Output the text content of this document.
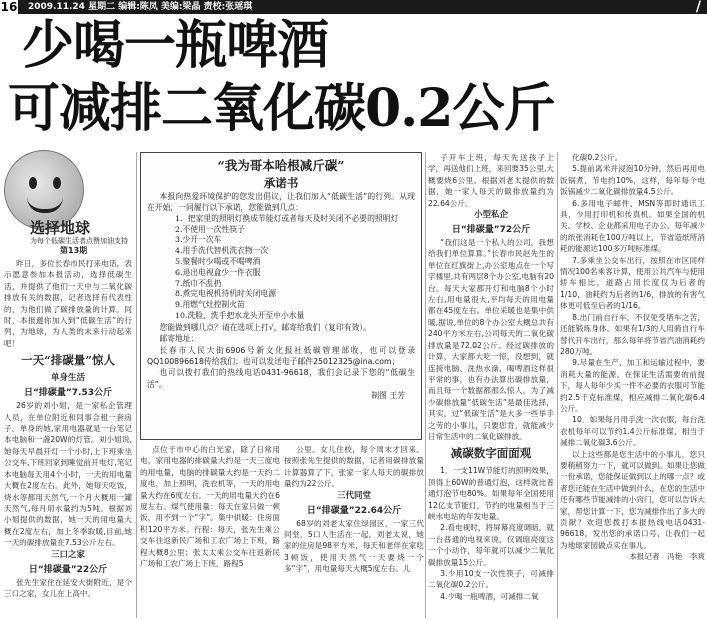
16 2009.11.24 星期二 编辑:陈凤 美编:梁晶 责校:张瑶琪	/
少喝一瓶啤酒
可减排二氧化碳0.2公斤
选择地球
为每个低碳生活者点赞加油支持
第13期

昨日，多位长春市民打来电话，表示愿意参加本报活动，选择低碳生活，并提供了他们一天中与二氧化碳排放有关的数据，记者选择有代表性的，为他们做了碳排放量的计算。同时，本报邀你加入到“低碳生活”的行列，为地球，为人类的未来行动起来吧！

一天“排碳量”惊人
单身生活
日“排碳量”7.53公斤

26岁的刘小姐，是一家私企管理人员，在单位附近和同事合租一套房子。单身的她,家用电器就是一台笔记本电脑和一盏20W的灯管。刘小姐说,她每天早晨开灯一个小时,上下班乘坐公交车,下班回家到睡觉前开电灯,笔记本电脑每天用4个小时，一天的用电量大概在2度左右。此外，她每天吃饭，烧水等都用天然气,一个月大概用一罐天然气,每月用水量约为5吨。根据刘小姐提供的数据，她一天的用电量大概在2度左右，加上冬季取暖,目前,她一天的碳排放量在7.53公斤左右。

三口之家
日“排碳量”22公斤

张先生家住在延安大街附近，是个三口之家，女儿在上高中。

“我为哥本哈根减斤碳”
承诺书
本报向热爱环境保护的您发出倡议，让我们加入“低碳生活”的行列。从现在开始，一同履行以下承诺，您能做到几点：
1．把家里的照明灯换成节能灯或者每天及时关闭不必要的照明灯
2.不使用一次性筷子
3.少开一次车
4.用手洗代替机洗衣物一次
5.聚餐时少喝或不喝啤酒
6.退出电视盒少一件衣服
7.纸巾不乱扔
8.煮完电视机待机时关闭电源
9.用燃气灶控制火苗
10.洗脸、洗手把水龙头开至中小水量
您能做到哪几点？请在选项上打√，邮寄给我们（复印有效）。
邮寄地址：
长春市人民大街6906号新文化报社低碳管理部收，也可以登录QQ100896618传给我们；也可以发送电子邮件25012325@ina.com；
也可以拨打我们的热线电话0431-96618，我们会记录下您的“低碳生活”。
制图 王芳

点位于市中心的白光家，除了日常用电，家用电器的排碳量大约是一天三度电的用电量，电脑的排碳量大约是一天约二度电，加上照明，洗衣机等，一天的用电量大约在6度左右。一天的用电量大约在6度左右。煤气使用量：每天在家只做一顿饭，用不到一个“字”。集中供暖：住房面积120平方米。行程：每天，张先生乘公交车往返新民广场和工农广场上下班，路程大概8公里；张太太乘公交车往返新民广场和工农广场上下班，路程5

公里。女儿住校，每个周末才回来。按照张先生提供的数据，记者用碳排放量计算器算了下，张家一家人每天的碳排放量约为22公斤。

三代同堂
日“排碳量”22.64公斤

68岁的刘老太家住绿园区，一家三代同堂，5口人生活在一起。刘老太说，她家的住房是98平方米，每天和老伴在家吃3顿饭，使用天然气一天要烧一个多“字”，用电量每天大概5度左右。儿

子开车上班，每天先送孩子上学，再送他们上班，来回要35公里,大概要烧6公里。根据刘老太提供的数据，她一家人每天的碳排放量约为22.64公斤。

小型私企
日“排碳量”72公斤

“我们这是一个私人的公司，我想给我们单位算算。”长春市民赵先生的单位在红旗街上,办公室地点在一个写字楼里,共有两层8个办公室,电脑有20台。每天大家都开灯和电脑8个小时左右,用电量很大,平均每天的用电量都在45度左右。单位采暖也是集中供暖,据说,单位的8个办公室大概总共有240平方米左右,公司每天的二氧化碳排放量是72.02公斤。经过碳排放的计算，大家都大吃一惊，没想到，就连接电脑、洗热水澡、喝啤酒这样很平常的事，也有办法算出碳排放量，而且每一个数据都那么惊人。为了减少碳排放量“低碳生活”是最佳选择，其实，过“低碳生活”是大多一些举手之劳的小事儿，只要您肯，就能减少日常生活中的二氧化碳排放。

减碳数字面面观

1．一支11W节能灯的照明效果，顶得上60W的普通灯泡，这样就比普通灯泡节电80%。如果每年全国使用12亿支节能灯，节约的电量相当于三峡水电站的年发电量。

2.看电视时，将屏幕亮度调暗，就一台普通的电视来说，仅调暗亮度这一个小动作，每年就可以减少二氧化碳排放量15公斤。

3.少用10支一次性筷子，可减排二氧化碳0.2公斤。

4.少喝一瓶啤酒，可减排二氧

化碳0.2公斤。

5.提前离米并浸泡10分钟，然后再用电饭锅煮，节电约10%，这样，每年每个电饭锅减少二氧化碳排放量4.5公斤。

6.多用电子邮件、MSN等即时通讯工具，少用打印机和传真机。如果全国的机关、学校、企业都采用电子办公，每年减少的纸张消耗在100万吨以上，节省造纸所消耗的能源达100多万吨标准煤。

7.多乘坐公交车出行，按照在市区同样情况100名乘客计算，使用公共汽车与使用轿车相比，道路占用长度仅为后者的1/10，油耗约为后者的1/6，排放的有害气体更可低至后者的1/16。

8.出门前自行车，不仅免受堵车之苦，还能锻炼身体。如果有1/3的人用骑自行车替代开车出行，那么每年将节省汽油消耗约280万吨。

9.尽量在生产、加工和运输过程中，要消耗大量的能源。在保证生活需要的前提下，每人每年少买一件不必要的衣服可节能约2.5千克标准煤，相应减排二氧化碳6.4公斤。

10．如果每月用手洗一次衣服，每台洗衣机每年可以节约1.4公斤标准煤，相当于减排二氧化碳3.6公斤。

以上这些都是您生活中的小事儿，您只要稍稍努力一下，就可以做到。如果让您做一份承诺，您能保证做到以上的哪一点？或者您还能在生活中做到什么，在您的生活中还有哪些节能减排的小窍门，您可以告诉大家，帮您计算一下，您为减排作出了多大的贡献？欢迎您拨打本报热线电话0431-96618，发出您的承诺口号，让我们一起为地球家园做点实在事儿。

本报记者　冯艳　李爽
